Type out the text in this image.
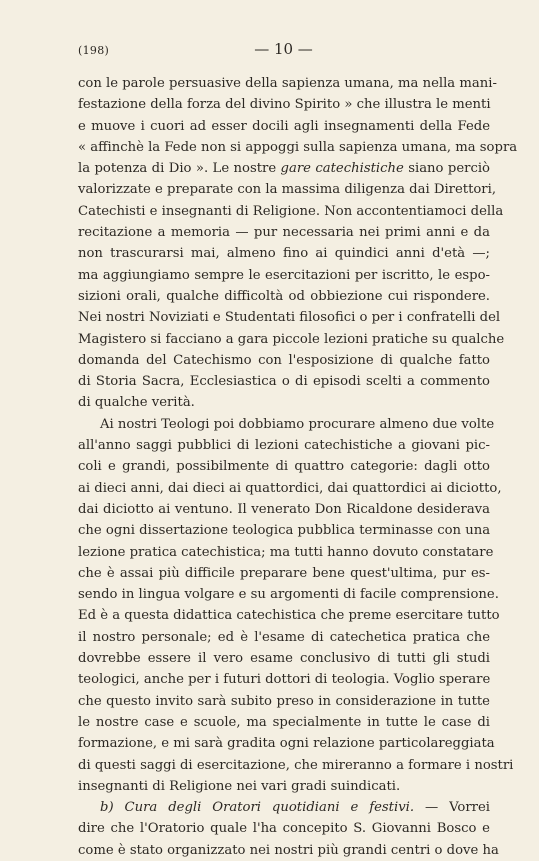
(198)	— 10 —
con le parole persuasive della sapienza umana, ma nella mani-
festazione della forza del divino Spirito » che illustra le menti
e muove i cuori ad esser docili agli insegnamenti della Fede
« affinchè la Fede non si appoggi sulla sapienza umana, ma sopra
la potenza di Dio ». Le nostre gare catechistiche siano perciò
valorizzate e preparate con la massima diligenza dai Direttori,
Catechisti e insegnanti di Religione. Non accontentiamoci della
recitazione a memoria — pur necessaria nei primi anni e da
non trascurarsi mai, almeno fino ai quindici anni d'età —;
ma aggiungiamo sempre le esercitazioni per iscritto, le espo-
sizioni orali, qualche difficoltà od obbiezione cui rispondere.
Nei nostri Noviziati e Studentati filosofici o per i confratelli del
Magistero si facciano a gara piccole lezioni pratiche su qualche
domanda del Catechismo con l'esposizione di qualche fatto
di Storia Sacra, Ecclesiastica o di episodi scelti a commento
di qualche verità.
Ai nostri Teologi poi dobbiamo procurare almeno due volte
all'anno saggi pubblici di lezioni catechistiche a giovani pic-
coli e grandi, possibilmente di quattro categorie: dagli otto
ai dieci anni, dai dieci ai quattordici, dai quattordici ai diciotto,
dai diciotto ai ventuno. Il venerato Don Ricaldone desiderava
che ogni dissertazione teologica pubblica terminasse con una
lezione pratica catechistica; ma tutti hanno dovuto constatare
che è assai più difficile preparare bene quest'ultima, pur es-
sendo in lingua volgare e su argomenti di facile comprensione.
Ed è a questa didattica catechistica che preme esercitare tutto
il nostro personale; ed è l'esame di catechetica pratica che
dovrebbe essere il vero esame conclusivo di tutti gli studi
teologici, anche per i futuri dottori di teologia. Voglio sperare
che questo invito sarà subito preso in considerazione in tutte
le nostre case e scuole, ma specialmente in tutte le case di
formazione, e mi sarà gradita ogni relazione particolareggiata
di questi saggi di esercitazione, che mireranno a formare i nostri
insegnanti di Religione nei vari gradi suindicati.
b) Cura degli Oratori quotidiani e festivi. — Vorrei
dire che l'Oratorio quale l'ha concepito S. Giovanni Bosco e
come è stato organizzato nei nostri più grandi centri o dove ha
